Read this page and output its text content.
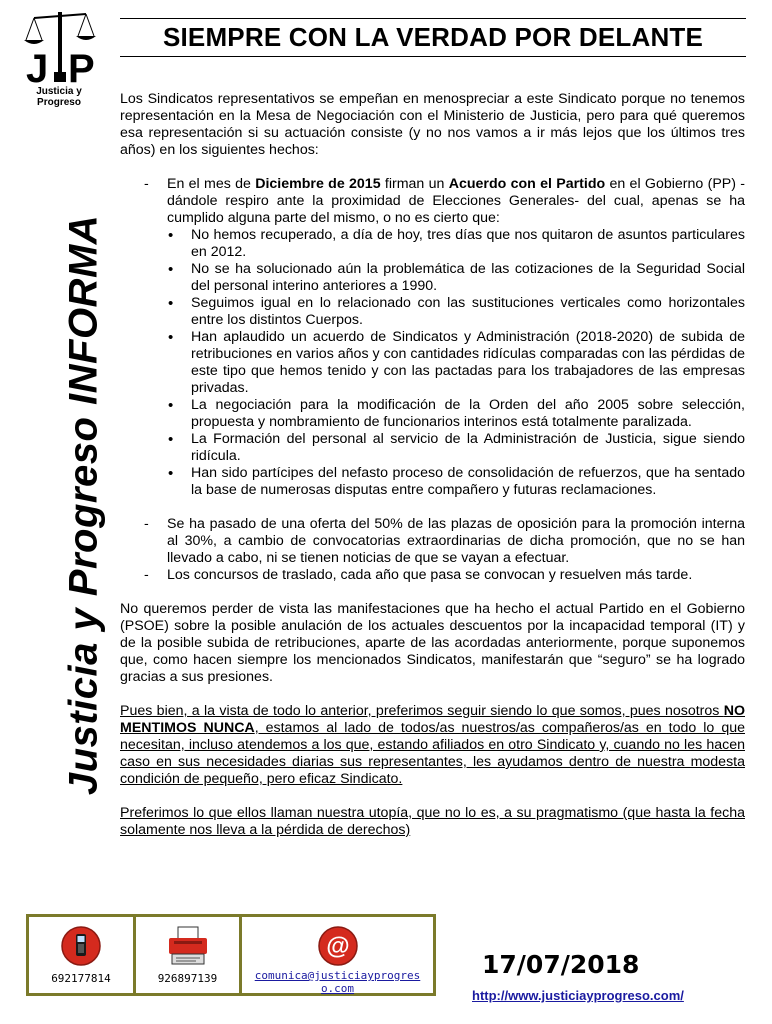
J P
Justicia y Progreso
Justicia y Progreso INFORMA
SIEMPRE CON LA VERDAD POR DELANTE

Los Sindicatos representativos se empeñan en menospreciar a este Sindicato porque no tenemos representación en la Mesa de Negociación con el Ministerio de Justicia, pero para qué queremos esa representación si su actuación consiste (y no nos vamos a ir más lejos que los últimos tres años) en los siguientes hechos:

- En el mes de Diciembre de 2015 firman un Acuerdo con el Partido en el Gobierno (PP) -dándole respiro ante la proximidad de Elecciones Generales- del cual, apenas se ha cumplido alguna parte del mismo, o no es cierto que:
• No hemos recuperado, a día de hoy, tres días que nos quitaron de asuntos particulares en 2012.
• No se ha solucionado aún la problemática de las cotizaciones de la Seguridad Social del personal interino anteriores a 1990.
• Seguimos igual en lo relacionado con las sustituciones verticales como horizontales entre los distintos Cuerpos.
• Han aplaudido un acuerdo de Sindicatos y Administración (2018-2020) de subida de retribuciones en varios años y con cantidades ridículas comparadas con las pérdidas de este tipo que hemos tenido y con las pactadas para los trabajadores de las empresas privadas.
• La negociación para la modificación de la Orden del año 2005 sobre selección, propuesta y nombramiento de funcionarios interinos está totalmente paralizada.
• La Formación del personal al servicio de la Administración de Justicia, sigue siendo ridícula.
• Han sido partícipes del nefasto proceso de consolidación de refuerzos, que ha sentado la base de numerosas disputas entre compañero y futuras reclamaciones.
- Se ha pasado de una oferta del 50% de las plazas de oposición para la promoción interna al 30%, a cambio de convocatorias extraordinarias de dicha promoción, que no se han llevado a cabo, ni se tienen noticias de que se vayan a efectuar.
- Los concursos de traslado, cada año que pasa se convocan y resuelven más tarde.

No queremos perder de vista las manifestaciones que ha hecho el actual Partido en el Gobierno (PSOE) sobre la posible anulación de los actuales descuentos por la incapacidad temporal (IT) y de la posible subida de retribuciones, aparte de las acordadas anteriormente, porque suponemos que, como hacen siempre los mencionados Sindicatos, manifestarán que “seguro” se ha logrado gracias a sus presiones.

Pues bien, a la vista de todo lo anterior, preferimos seguir siendo lo que somos, pues nosotros NO MENTIMOS NUNCA, estamos al lado de todos/as nuestros/as compañeros/as en todo lo que necesitan, incluso atendemos a los que, estando afiliados en otro Sindicato y, cuando no les hacen caso en sus necesidades diarias sus representantes, les ayudamos dentro de nuestra modesta condición de pequeño, pero eficaz Sindicato.

Preferimos lo que ellos llaman nuestra utopía, que no lo es, a su pragmatismo (que hasta la fecha solamente nos lleva a la pérdida de derechos)

692177814	926897139
@
comunica@justiciayprogreso.com
17/07/2018
http://www.justiciayprogreso.com/
